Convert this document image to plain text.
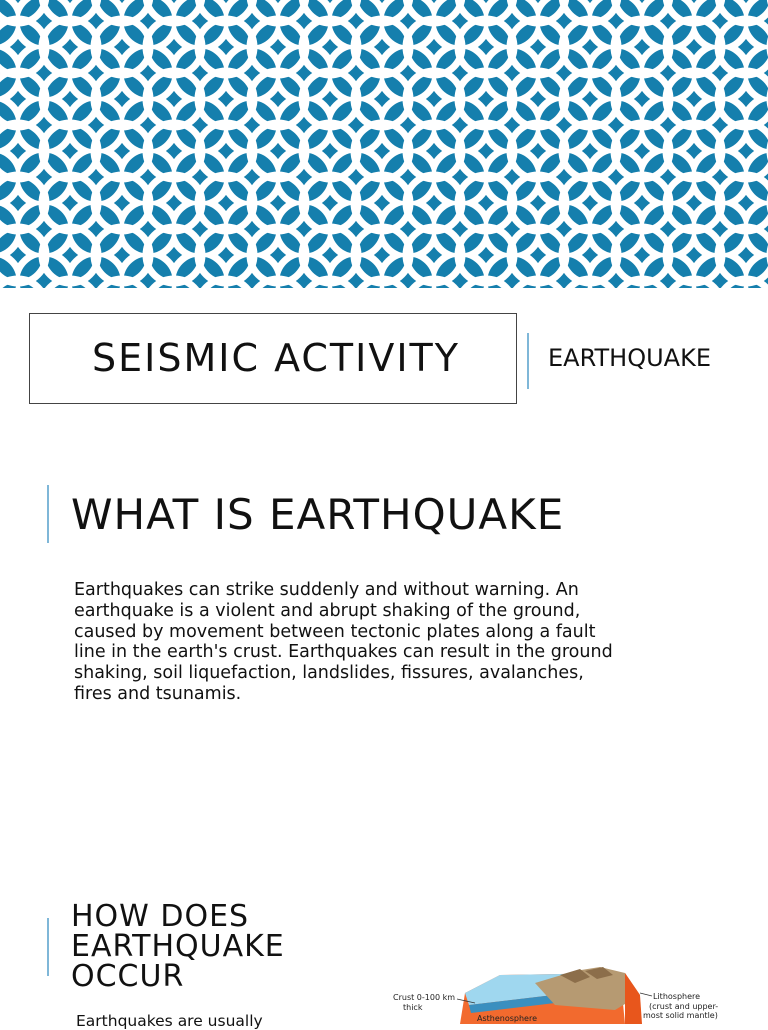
SEISMIC ACTIVITY	EARTHQUAKE
WHAT IS EARTHQUAKE
Earthquakes can strike suddenly and without warning. An
earthquake is a violent and abrupt shaking of the ground,
caused by movement between tectonic plates along a fault
line in the earth's crust. Earthquakes can result in the ground
shaking, soil liquefaction, landslides, fissures, avalanches,
fires and tsunamis.
HOW DOES
EARTHQUAKE
OCCUR
Earthquakes are usually
Crust 0-100 km
thick
Lithosphere
(crust and upper-
most solid mantle)
Asthenosphere
